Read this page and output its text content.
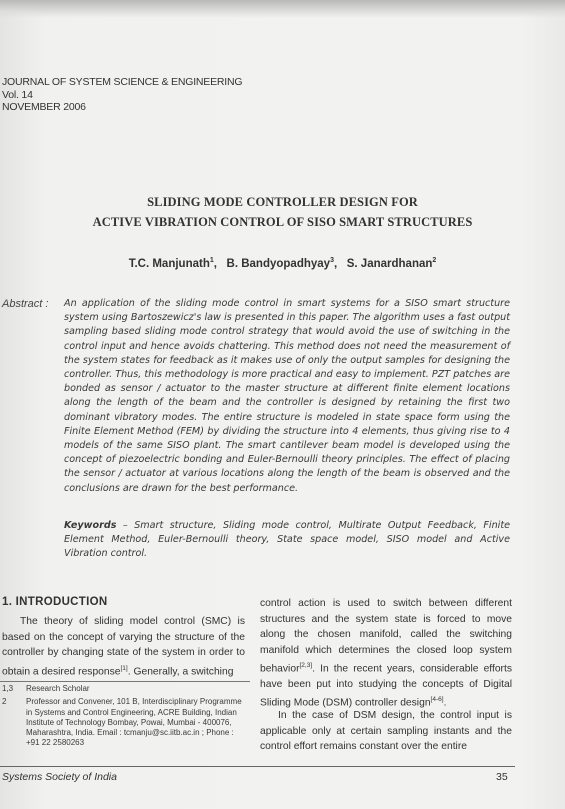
JOURNAL OF SYSTEM SCIENCE & ENGINEERING
Vol. 14
NOVEMBER 2006
SLIDING MODE CONTROLLER DESIGN FOR
ACTIVE VIBRATION CONTROL OF SISO SMART STRUCTURES
T.C. Manjunath$^1$,   B. Bandyopadhyay$^3$,   S. Janardhanan$^2$
Abstract : An application of the sliding mode control in smart systems for a SISO smart structure system using Bartoszewicz's law is presented in this paper. The algorithm uses a fast output sampling based sliding mode control strategy that would avoid the use of switching in the control input and hence avoids chattering. This method does not need the measurement of the system states for feedback as it makes use of only the output samples for designing the controller. Thus, this methodology is more practical and easy to implement. PZT patches are bonded as sensor / actuator to the master structure at different finite element locations along the length of the beam and the controller is designed by retaining the first two dominant vibratory modes. The entire structure is modeled in state space form using the Finite Element Method (FEM) by dividing the structure into 4 elements, thus giving rise to 4 models of the same SISO plant. The smart cantilever beam model is developed using the concept of piezoelectric bonding and Euler-Bernoulli theory principles. The effect of placing the sensor / actuator at various locations along the length of the beam is observed and the conclusions are drawn for the best performance.
Keywords – Smart structure, Sliding mode control, Multirate Output Feedback, Finite Element Method, Euler-Bernoulli theory, State space model, SISO model and Active Vibration control.
1. INTRODUCTION
The theory of sliding model control (SMC) is based on the concept of varying the structure of the controller by changing state of the system in order to obtain a desired response[1]. Generally, a switching
1,3 Research Scholar
2 Professor and Convener, 101 B, Interdisciplinary Programme in Systems and Control Engineering, ACRE Building, Indian Institute of Technology Bombay, Powai, Mumbai - 400076, Maharashtra, India. Email : tcmanju@sc.iitb.ac.in ; Phone : +91 22 2580263
control action is used to switch between different structures and the system state is forced to move along the chosen manifold, called the switching manifold which determines the closed loop system behavior[2,3]. In the recent years, considerable efforts have been put into studying the concepts of Digital Sliding Mode (DSM) controller design[4-6].
In the case of DSM design, the control input is applicable only at certain sampling instants and the control effort remains constant over the entire
Systems Society of India	35
